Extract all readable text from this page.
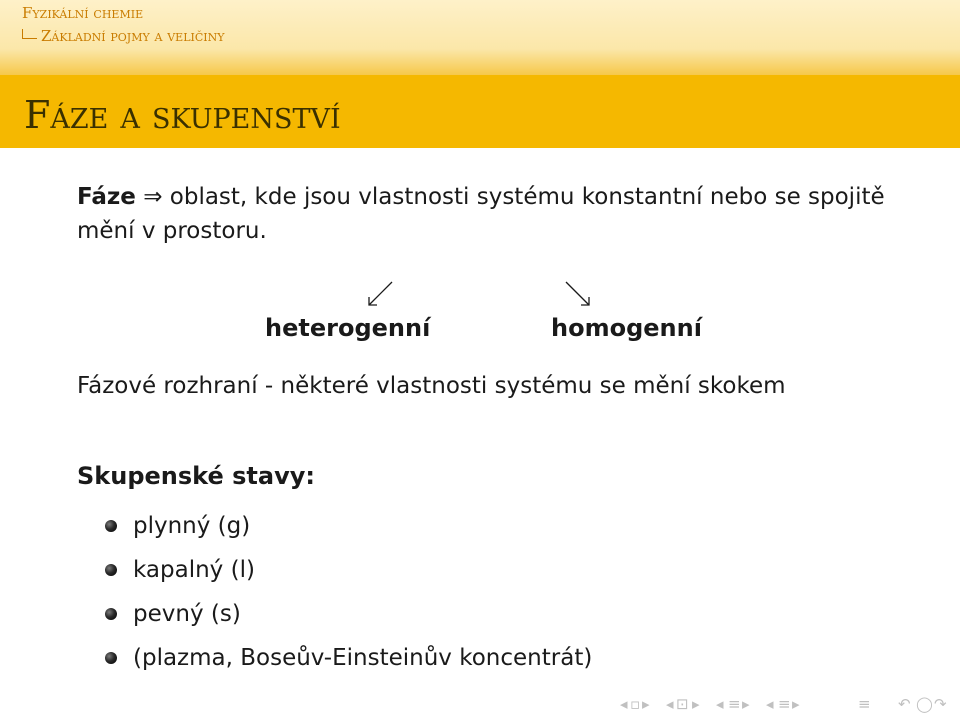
Fyzikální chemie
Základní pojmy a veličiny
Fáze a skupenství
Fáze ⇒ oblast, kde jsou vlastnosti systému konstantní nebo se spojitě mění v prostoru.
heterogenní	homogenní
Fázové rozhraní - některé vlastnosti systému se mění skokem
Skupenské stavy:
plynný (g)
kapalný (l)
pevný (s)
(plazma, Boseův-Einsteinův koncentrát)
◂ ▫ ▸ ◂ ⊡ ▸ ◂ ≡ ▸ ◂ ≡ ▸	≡ ↶ ◯ ↷
